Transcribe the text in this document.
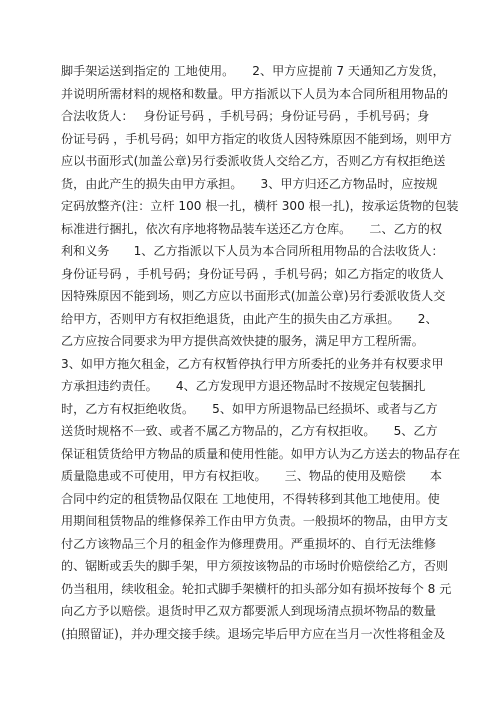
脚手架运送到指定的 工地使用。　　2、甲方应提前 7 天通知乙方发货，
并说明所需材料的规格和数量。甲方指派以下人员为本合同所租用物品的
合法收货人：　 身份证号码 ，手机号码；身份证号码 ，手机号码；身
份证号码 ，手机号码；如甲方指定的收货人因特殊原因不能到场，则甲方
应以书面形式(加盖公章)另行委派收货人交给乙方，否则乙方有权拒绝送
货，由此产生的损失由甲方承担。　　3、甲方归还乙方物品时，应按规
定码放整齐(注：立杆 100 根一扎，横杆 300 根一扎)，按承运货物的包装
标准进行捆扎，依次有序地将物品装车送还乙方仓库。　　二、乙方的权
利和义务　　1、乙方指派以下人员为本合同所租用物品的合法收货人：
身份证号码 ，手机号码；身份证号码 ，手机号码；如乙方指定的收货人
因特殊原因不能到场，则乙方应以书面形式(加盖公章)另行委派收货人交
给甲方，否则甲方有权拒绝退货，由此产生的损失由乙方承担。　　2、
乙方应按合同要求为甲方提供高效快捷的服务，满足甲方工程所需。
3、如甲方拖欠租金，乙方有权暂停执行甲方所委托的业务并有权要求甲
方承担违约责任。　　4、乙方发现甲方退还物品时不按规定包装捆扎
时，乙方有权拒绝收货。　　5、如甲方所退物品已经损坏、或者与乙方
送货时规格不一致、或者不属乙方物品的，乙方有权拒收。　　5、乙方
保证租赁货给甲方物品的质量和使用性能。如甲方认为乙方送去的物品存在
质量隐患或不可使用，甲方有权拒收。　　三、物品的使用及赔偿　　本
合同中约定的租赁物品仅限在 工地使用，不得转移到其他工地使用。使
用期间租赁物品的维修保养工作由甲方负责。一般损坏的物品，由甲方支
付乙方该物品三个月的租金作为修理费用。严重损坏的、自行无法维修
的、锯断或丢失的脚手架，甲方须按该物品的市场时价赔偿给乙方，否则
仍当租用，续收租金。轮扣式脚手架横杆的扣头部分如有损坏按每个 8 元
向乙方予以赔偿。退货时甲乙双方都要派人到现场清点损坏物品的数量
(拍照留证)，并办理交接手续。退场完毕后甲方应在当月一次性将租金及
